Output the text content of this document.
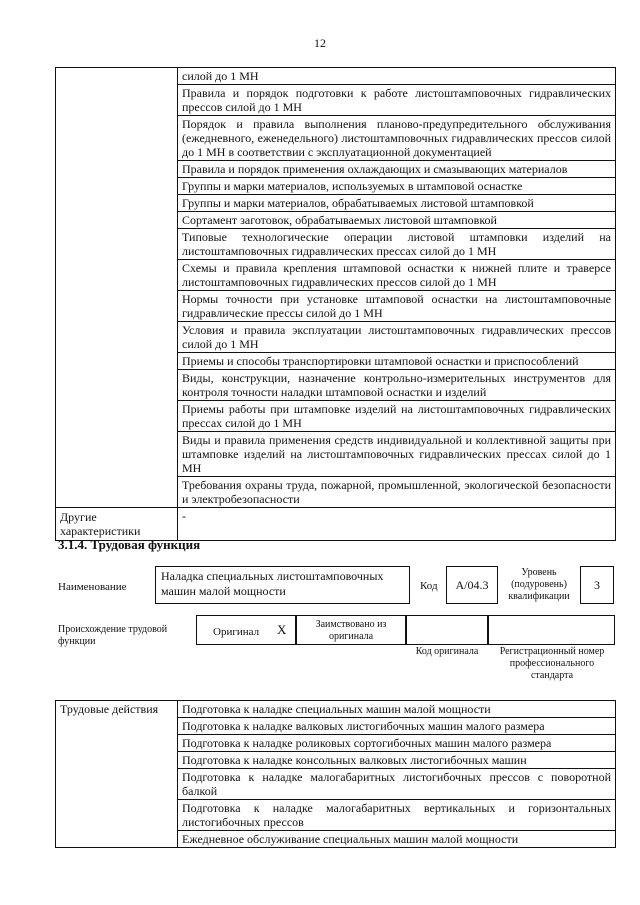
12
	силой до 1 МН
	Правила и порядок подготовки к работе листоштамповочных гидравлических прессов силой до 1 МН
	Порядок и правила выполнения планово-предупредительного обслуживания (ежедневного, еженедельного) листоштамповочных гидравлических прессов силой до 1 МН в соответствии с эксплуатационной документацией
	Правила и порядок применения охлаждающих и смазывающих материалов
	Группы и марки материалов, используемых в штамповой оснастке
	Группы и марки материалов, обрабатываемых листовой штамповкой
	Сортамент заготовок, обрабатываемых листовой штамповкой
	Типовые технологические операции листовой штамповки изделий на листоштамповочных гидравлических прессах силой до 1 МН
	Схемы и правила крепления штамповой оснастки к нижней плите и траверсе листоштамповочных гидравлических прессов силой до 1 МН
	Нормы точности при установке штамповой оснастки на листоштамповочные гидравлические прессы силой до 1 МН
	Условия и правила эксплуатации листоштамповочных гидравлических прессов силой до 1 МН
	Приемы и способы транспортировки штамповой оснастки и приспособлений
	Виды, конструкции, назначение контрольно-измерительных инструментов для контроля точности наладки штамповой оснастки и изделий
	Приемы работы при штамповке изделий на листоштамповочных гидравлических прессах силой до 1 МН
	Виды и правила применения средств индивидуальной и коллективной защиты при штамповке изделий на листоштамповочных гидравлических прессах силой до 1 МН
	Требования охраны труда, пожарной, промышленной, экологической безопасности и электробезопасности
Другие характеристики	-
3.1.4. Трудовая функция
Наименование
Наладка специальных листоштамповочных машин малой мощности	Код	A/04.3
Уровень (подуровень) квалификации
3
Происхождение трудовой функции
Оригинал X	Заимствовано из оригинала
Код оригинала	Регистрационный номер профессионального стандарта
Трудовые действия	Подготовка к наладке специальных машин малой мощности
Подготовка к наладке валковых листогибочных машин малого размера
Подготовка к наладке роликовых сортогибочных машин малого размера
Подготовка к наладке консольных валковых листогибочных машин
Подготовка к наладке малогабаритных листогибочных прессов с поворотной балкой
Подготовка к наладке малогабаритных вертикальных и горизонтальных листогибочных прессов
Ежедневное обслуживание специальных машин малой мощности
